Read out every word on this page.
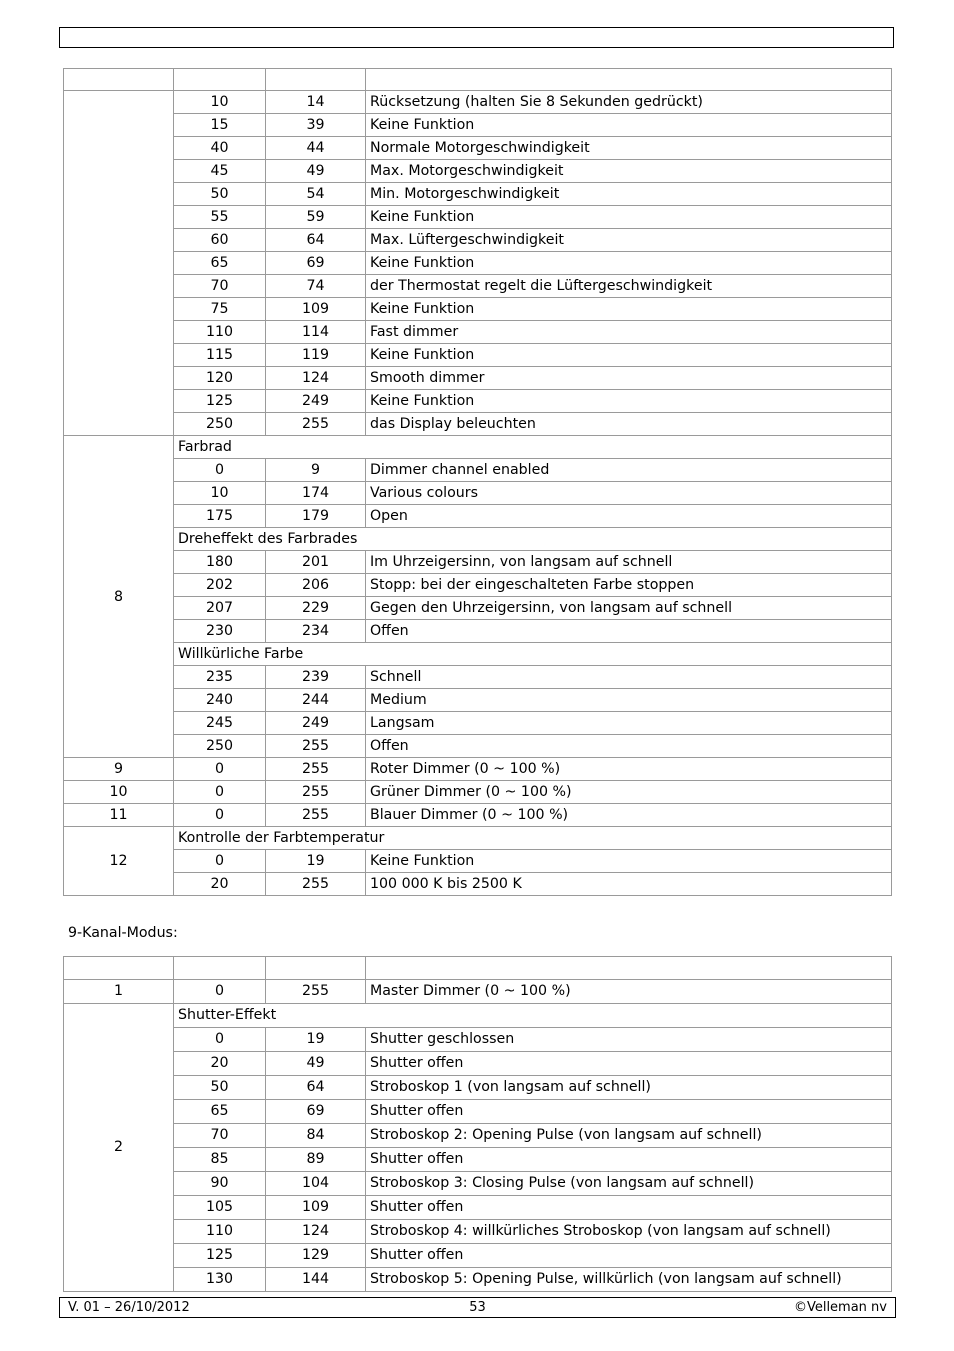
	10	14	Rücksetzung (halten Sie 8 Sekunden gedrückt)
	15	39	Keine Funktion
	40	44	Normale Motorgeschwindigkeit
	45	49	Max. Motorgeschwindigkeit
	50	54	Min. Motorgeschwindigkeit
	55	59	Keine Funktion
	60	64	Max. Lüftergeschwindigkeit
	65	69	Keine Funktion
	70	74	der Thermostat regelt die Lüftergeschwindigkeit
	75	109	Keine Funktion
	110	114	Fast dimmer
	115	119	Keine Funktion
	120	124	Smooth dimmer
	125	249	Keine Funktion
	250	255	das Display beleuchten
8	Farbrad		
	0	9	Dimmer channel enabled
	10	174	Various colours
	175	179	Open
	Dreheffekt des Farbrades		
	180	201	Im Uhrzeigersinn, von langsam auf schnell
	202	206	Stopp: bei der eingeschalteten Farbe stoppen
	207	229	Gegen den Uhrzeigersinn, von langsam auf schnell
	230	234	Offen
	Willkürliche Farbe		
	235	239	Schnell
	240	244	Medium
	245	249	Langsam
	250	255	Offen
9	0	255	Roter Dimmer (0 ~ 100 %)
10	0	255	Grüner Dimmer (0 ~ 100 %)
11	0	255	Blauer Dimmer (0 ~ 100 %)
12	Kontrolle der Farbtemperatur		
	0	19	Keine Funktion
	20	255	100 000 K bis 2500 K
9-Kanal-Modus:

1	0	255	Master Dimmer (0 ~ 100 %)
2	Shutter-Effekt		
	0	19	Shutter geschlossen
	20	49	Shutter offen
	50	64	Stroboskop 1 (von langsam auf schnell)
	65	69	Shutter offen
	70	84	Stroboskop 2: Opening Pulse (von langsam auf schnell)
	85	89	Shutter offen
	90	104	Stroboskop 3: Closing Pulse (von langsam auf schnell)
	105	109	Shutter offen
	110	124	Stroboskop 4: willkürliches Stroboskop (von langsam auf schnell)
	125	129	Shutter offen
	130	144	Stroboskop 5: Opening Pulse, willkürlich (von langsam auf schnell)
V. 01 – 26/10/2012	53	©Velleman nv
